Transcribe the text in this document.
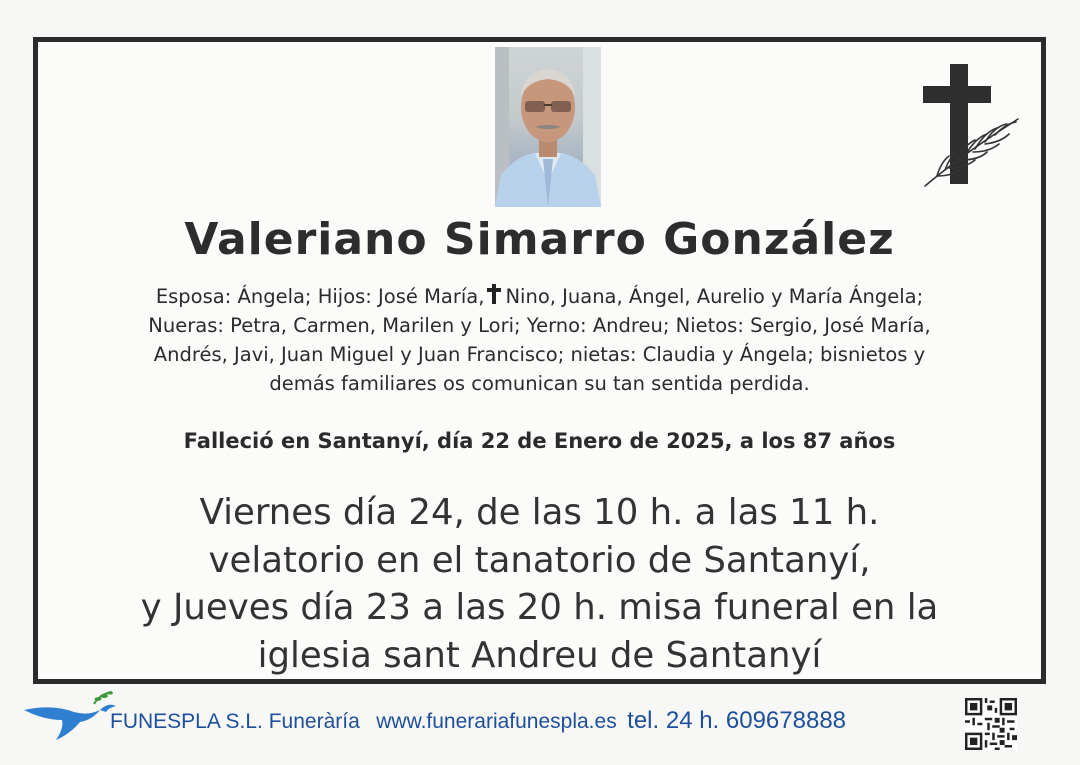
Valeriano Simarro González
Esposa: Ángela; Hijos: José María, Nino, Juana, Ángel, Aurelio y María Ángela;
Nueras: Petra, Carmen, Marilen y Lori; Yerno: Andreu; Nietos: Sergio, José María,
Andrés, Javi, Juan Miguel y Juan Francisco; nietas: Claudia y Ángela; bisnietos y
demás familiares os comunican su tan sentida perdida.
Falleció en Santanyí, día 22 de Enero de 2025, a los 87 años
Viernes día 24, de las 10 h. a las 11 h.
velatorio en el tanatorio de Santanyí,
y Jueves día 23 a las 20 h. misa funeral en la
iglesia sant Andreu de Santanyí
FUNESPLA S.L. Funeràría www.funerariafunespla.es tel. 24 h. 609678888
